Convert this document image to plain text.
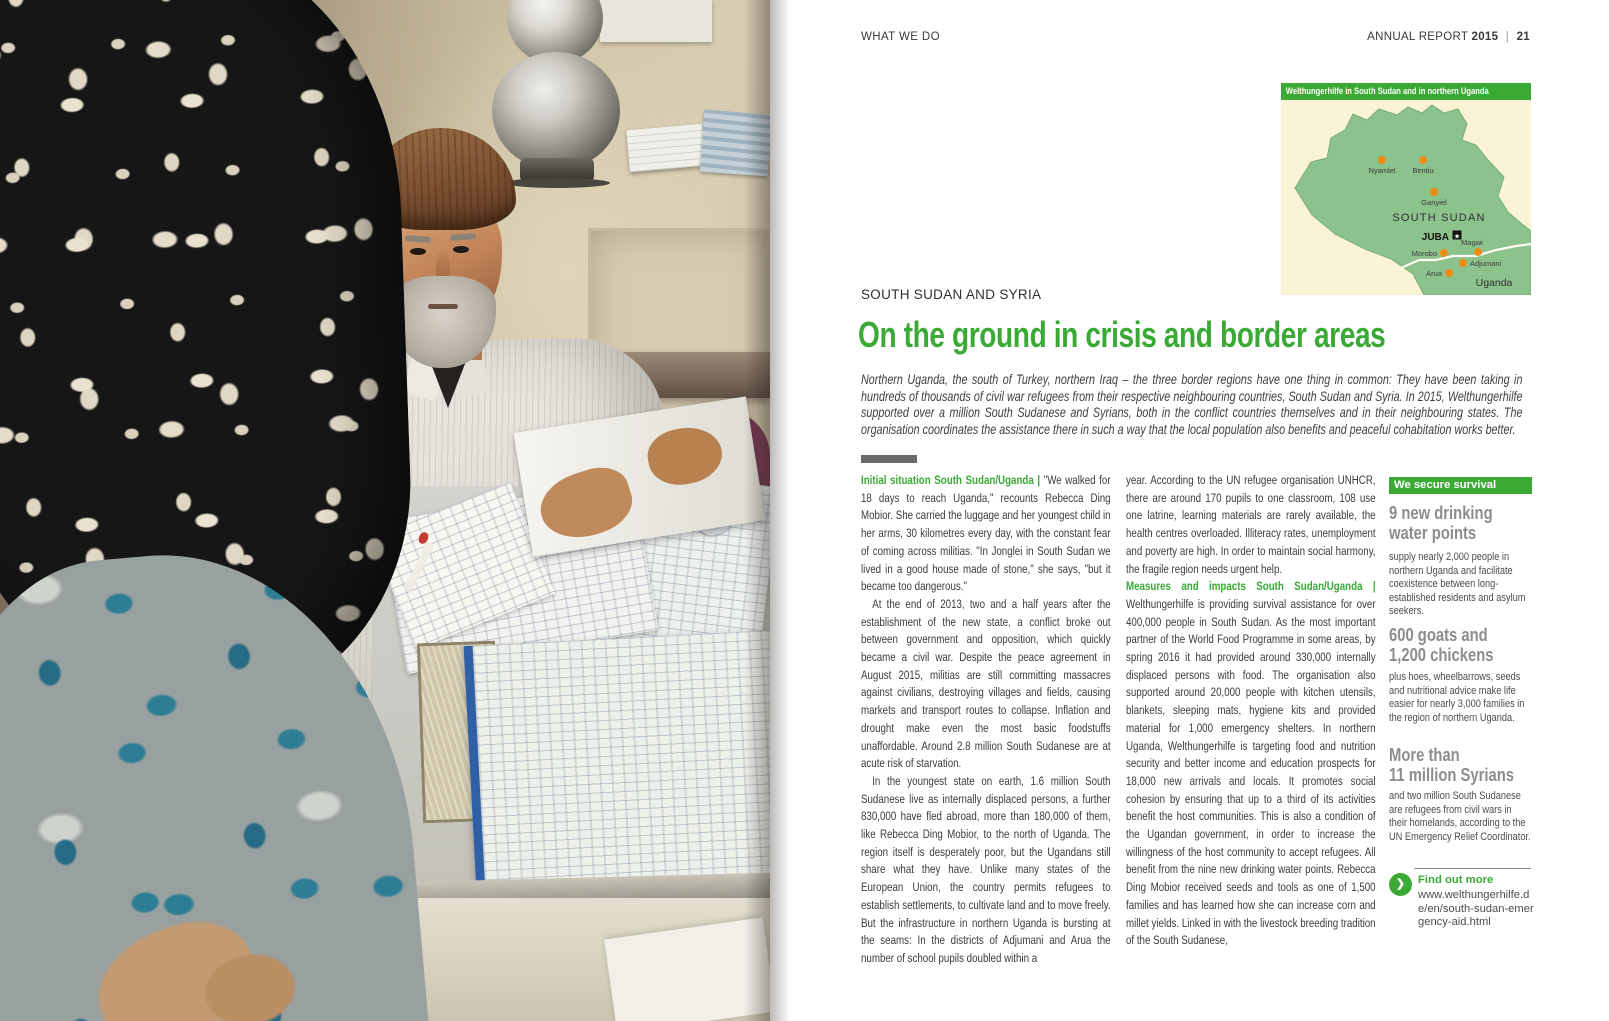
WHAT WE DO	ANNUAL REPORT 2015 | 21
Welthungerhilfe in South Sudan and in northern Uganda
Nyamlel Bentiu
Ganyiel
Magwi
Morobo
Adjumani
Arua
SOUTH SUDAN
JUBA ★
Uganda
SOUTH SUDAN AND SYRIA
On the ground in crisis and border areas
Northern Uganda, the south of Turkey, northern Iraq – the three border regions have one thing in common: They have been taking in hundreds of thousands of civil war refugees from their respective neighbouring countries, South Sudan and Syria. In 2015, Welthungerhilfe supported over a million South Sudanese and Syrians, both in the conflict countries themselves and in their neighbouring states. The organisation coordinates the assistance there in such a way that the local population also benefits and peaceful cohabitation works better.

Initial situation South Sudan/Uganda | "We walked for 18 days to reach Uganda," recounts Rebecca Ding Mobior. She carried the luggage and her youngest child in her arms, 30 kilometres every day, with the constant fear of coming across militias. "In Jonglei in South Sudan we lived in a good house made of stone," she says, "but it became too dangerous."

At the end of 2013, two and a half years after the establishment of the new state, a conflict broke out between government and opposition, which quickly became a civil war. Despite the peace agreement in August 2015, militias are still committing massacres against civilians, destroying villages and fields, causing markets and transport routes to collapse. Inflation and drought make even the most basic foodstuffs unaffordable. Around 2.8 million South Sudanese are at acute risk of starvation.

In the youngest state on earth, 1.6 million South Sudanese live as internally displaced persons, a further 830,000 have fled abroad, more than 180,000 of them, like Rebecca Ding Mobior, to the north of Uganda. The region itself is desperately poor, but the Ugandans still share what they have. Unlike many states of the European Union, the country permits refugees to establish settlements, to cultivate land and to move freely. But the infrastructure in northern Uganda is bursting at the seams: In the districts of Adjumani and Arua the number of school pupils doubled within a

year. According to the UN refugee organisation UNHCR, there are around 170 pupils to one classroom, 108 use one latrine, learning materials are rarely available, the health centres overloaded. Illiteracy rates, unemployment and poverty are high. In order to maintain social harmony, the fragile region needs urgent help.

Measures and impacts South Sudan/Uganda | Welthungerhilfe is providing survival assistance for over 400,000 people in South Sudan. As the most important partner of the World Food Programme in some areas, by spring 2016 it had provided around 330,000 internally displaced persons with food. The organisation also supported around 20,000 people with kitchen utensils, blankets, sleeping mats, hygiene kits and provided material for 1,000 emergency shelters. In northern Uganda, Welthungerhilfe is targeting food and nutrition security and better income and education prospects for 18,000 new arrivals and locals. It promotes social cohesion by ensuring that up to a third of its activities benefit the host communities. This is also a condition of the Ugandan government, in order to increase the willingness of the host community to accept refugees. All benefit from the nine new drinking water points. Rebecca Ding Mobior received seeds and tools as one of 1,500 families and has learned how she can increase corn and millet yields. Linked in with the livestock breeding tradition of the South Sudanese,

We secure survival
9 new drinking
water points
supply nearly 2,000 people in northern Uganda and facilitate coexistence between long-established residents and asylum seekers.
600 goats and
1,200 chickens
plus hoes, wheelbarrows, seeds and nutritional advice make life easier for nearly 3,000 families in the region of northern Uganda.
More than
11 million Syrians
and two million South Sudanese are refugees from civil wars in their homelands, according to the UN Emergency Relief Coordinator.
❯	Find out more
www.welthungerhilfe.de/en/south-sudan-emergency-aid.html
